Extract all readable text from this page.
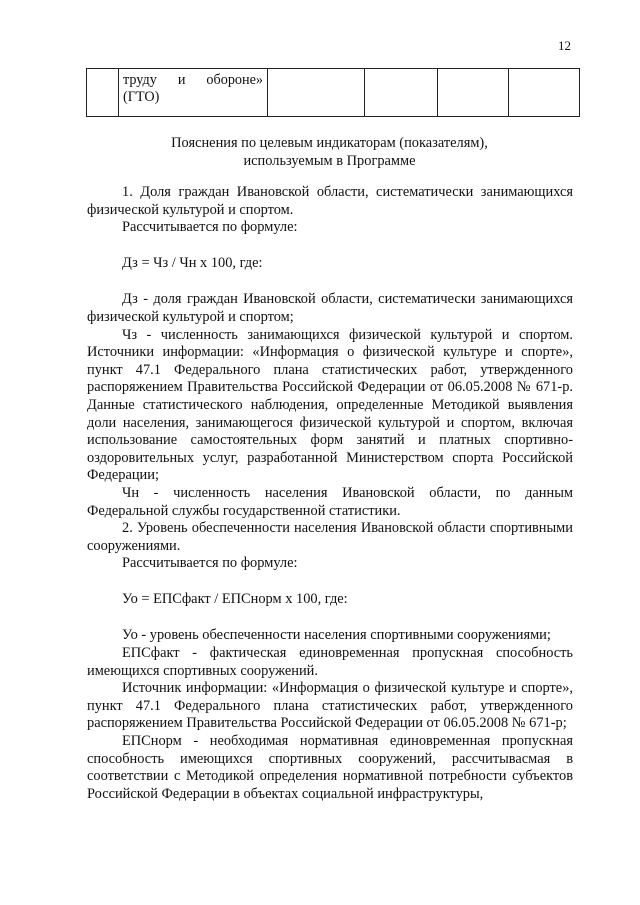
12

труду и обороне»
(ГТО)

Пояснения по целевым индикаторам (показателям),
используемым в Программе

1. Доля граждан Ивановской области, систематически занимающихся

физической культурой и спортом.

Рассчитывается по формуле:

Дз = Чз / Чн х 100, где:

Дз - доля граждан Ивановской области, систематически занимающихся физической культурой и спортом;

Чз - численность занимающихся физической культурой и спортом. Источники информации: «Информация о физической культуре и спорте», пункт 47.1 Федерального плана статистических работ, утвержденного распоряжением Правительства Российской Федерации от 06.05.2008 № 671-р. Данные статистического наблюдения, определенные Методикой выявления доли населения, занимающегося физической культурой и спортом, включая использование самостоятельных форм занятий и платных спортивно-оздоровительных услуг, разработанной Министерством спорта Российской Федерации;

Чн - численность населения Ивановской области, по данным Федеральной службы государственной статистики.

2. Уровень обеспеченности населения Ивановской области спортивными сооружениями.

Рассчитывается по формуле:

Уо = ЕПСфакт / ЕПСнорм х 100, где:

Уо - уровень обеспеченности населения спортивными сооружениями;

ЕПСфакт - фактическая единовременная пропускная способность имеющихся спортивных сооружений.

Источник информации: «Информация о физической культуре и спорте», пункт 47.1 Федерального плана статистических работ, утвержденного распоряжением Правительства Российской Федерации от 06.05.2008 № 671-р;

ЕПСнорм - необходимая нормативная единовременная пропускная способность имеющихся спортивных сооружений, рассчитывасмая в соответствии с Методикой определения нормативной потребности субъектов Российской Федерации в объектах социальной инфраструктуры,
